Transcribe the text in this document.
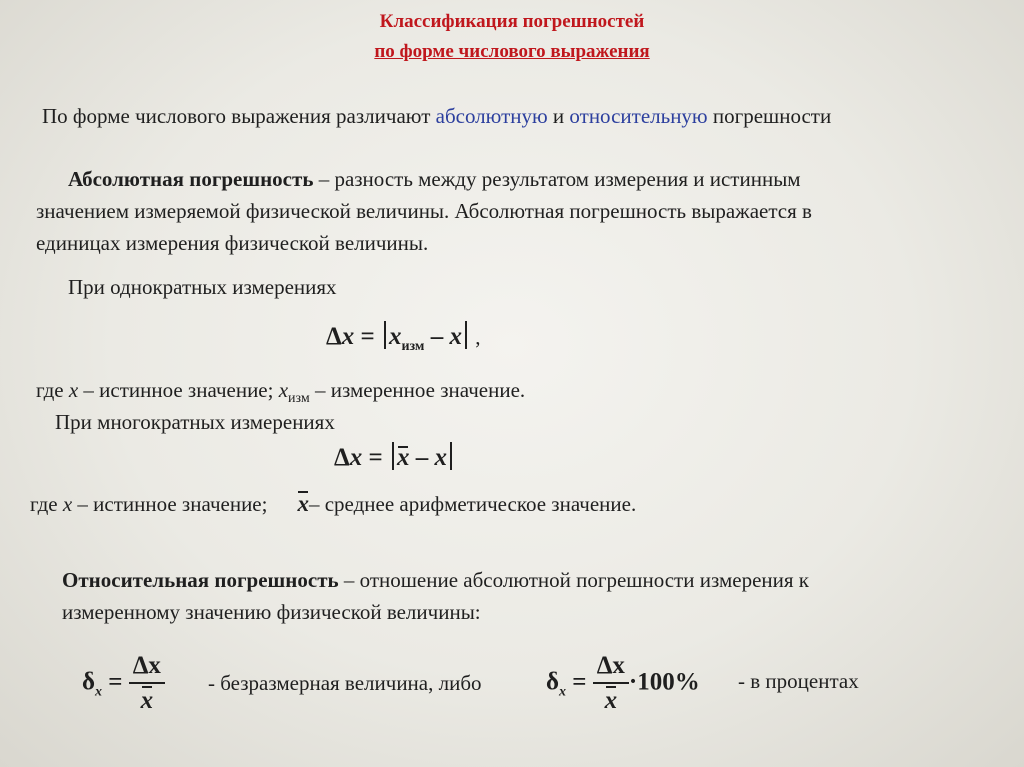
Классификация погрешностей
по форме числового выражения
По форме числового выражения различают абсолютную и относительную погрешности
Абсолютная погрешность – разность между результатом измерения и истинным
значением измеряемой физической величины. Абсолютная погрешность выражается в
единицах измерения физической величины.
При однократных измерениях
$\Delta x = x_{изм} - x$ ,
где x – истинное значение; $x_{изм}$ – измеренное значение.
При многократных измерениях
Δx = x – x
где x – истинное значение; x– среднее арифметическое значение.
Относительная погрешность – отношение абсолютной погрешности измерения к
измеренному значению физической величины:
$\delta_x = \frac{\Delta x}{x}$ - безразмерная величина, либо	$\delta_x = \frac{\Delta x}{x} \cdot 100\% - в$ процентах
